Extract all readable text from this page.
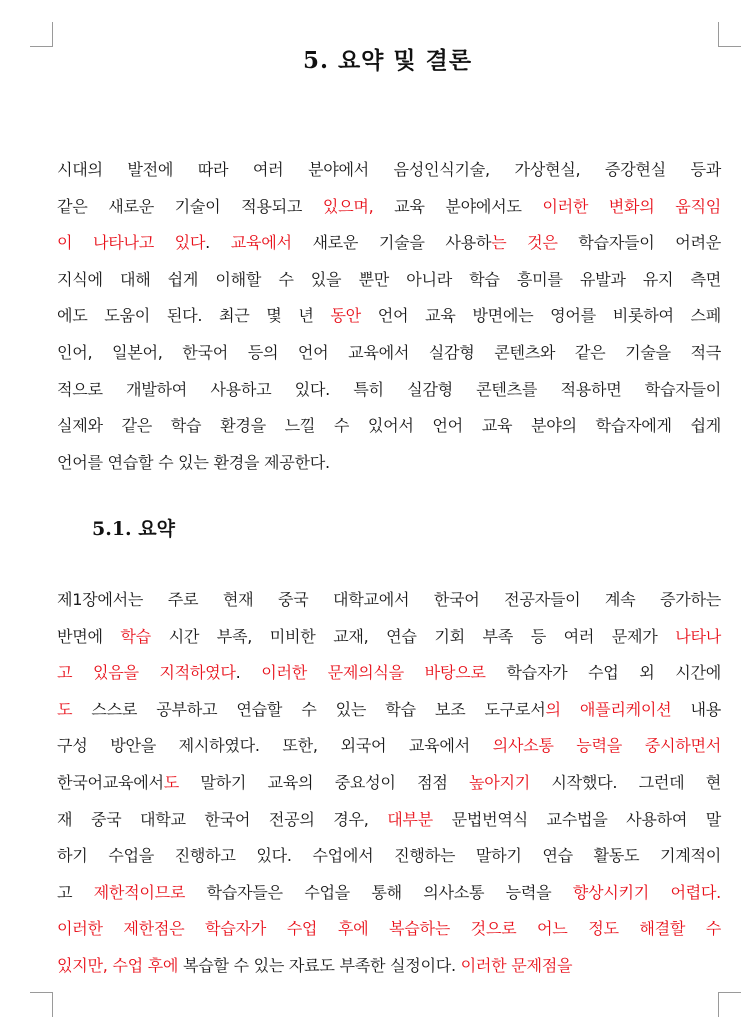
5. 요약 및 결론
시대의 발전에 따라 여러 분야에서 음성인식기술, 가상현실, 증강현실 등과
같은 새로운 기술이 적용되고 있으며, 교육 분야에서도 이러한 변화의 움직임
이 나타나고 있다. 교육에서 새로운 기술을 사용하는 것은 학습자들이 어려운
지식에 대해 쉽게 이해할 수 있을 뿐만 아니라 학습 흥미를 유발과 유지 측면
에도 도움이 된다. 최근 몇 년 동안 언어 교육 방면에는 영어를 비롯하여 스페
인어, 일본어, 한국어 등의 언어 교육에서 실감형 콘텐츠와 같은 기술을 적극
적으로 개발하여 사용하고 있다. 특히 실감형 콘텐츠를 적용하면 학습자들이
실제와 같은 학습 환경을 느낄 수 있어서 언어 교육 분야의 학습자에게 쉽게
언어를 연습할 수 있는 환경을 제공한다.
5.1. 요약
제1장에서는 주로 현재 중국 대학교에서 한국어 전공자들이 계속 증가하는
반면에 학습 시간 부족, 미비한 교재, 연습 기회 부족 등 여러 문제가 나타나
고 있음을 지적하였다. 이러한 문제의식을 바탕으로 학습자가 수업 외 시간에
도 스스로 공부하고 연습할 수 있는 학습 보조 도구로서의 애플리케이션 내용
구성 방안을 제시하였다. 또한, 외국어 교육에서 의사소통 능력을 중시하면서
한국어교육에서도 말하기 교육의 중요성이 점점 높아지기 시작했다. 그런데 현
재 중국 대학교 한국어 전공의 경우, 대부분 문법번역식 교수법을 사용하여 말
하기 수업을 진행하고 있다. 수업에서 진행하는 말하기 연습 활동도 기계적이
고 제한적이므로 학습자들은 수업을 통해 의사소통 능력을 향상시키기 어렵다.
이러한 제한점은 학습자가 수업 후에 복습하는 것으로 어느 정도 해결할 수
있지만, 수업 후에 복습할 수 있는 자료도 부족한 실정이다. 이러한 문제점을
